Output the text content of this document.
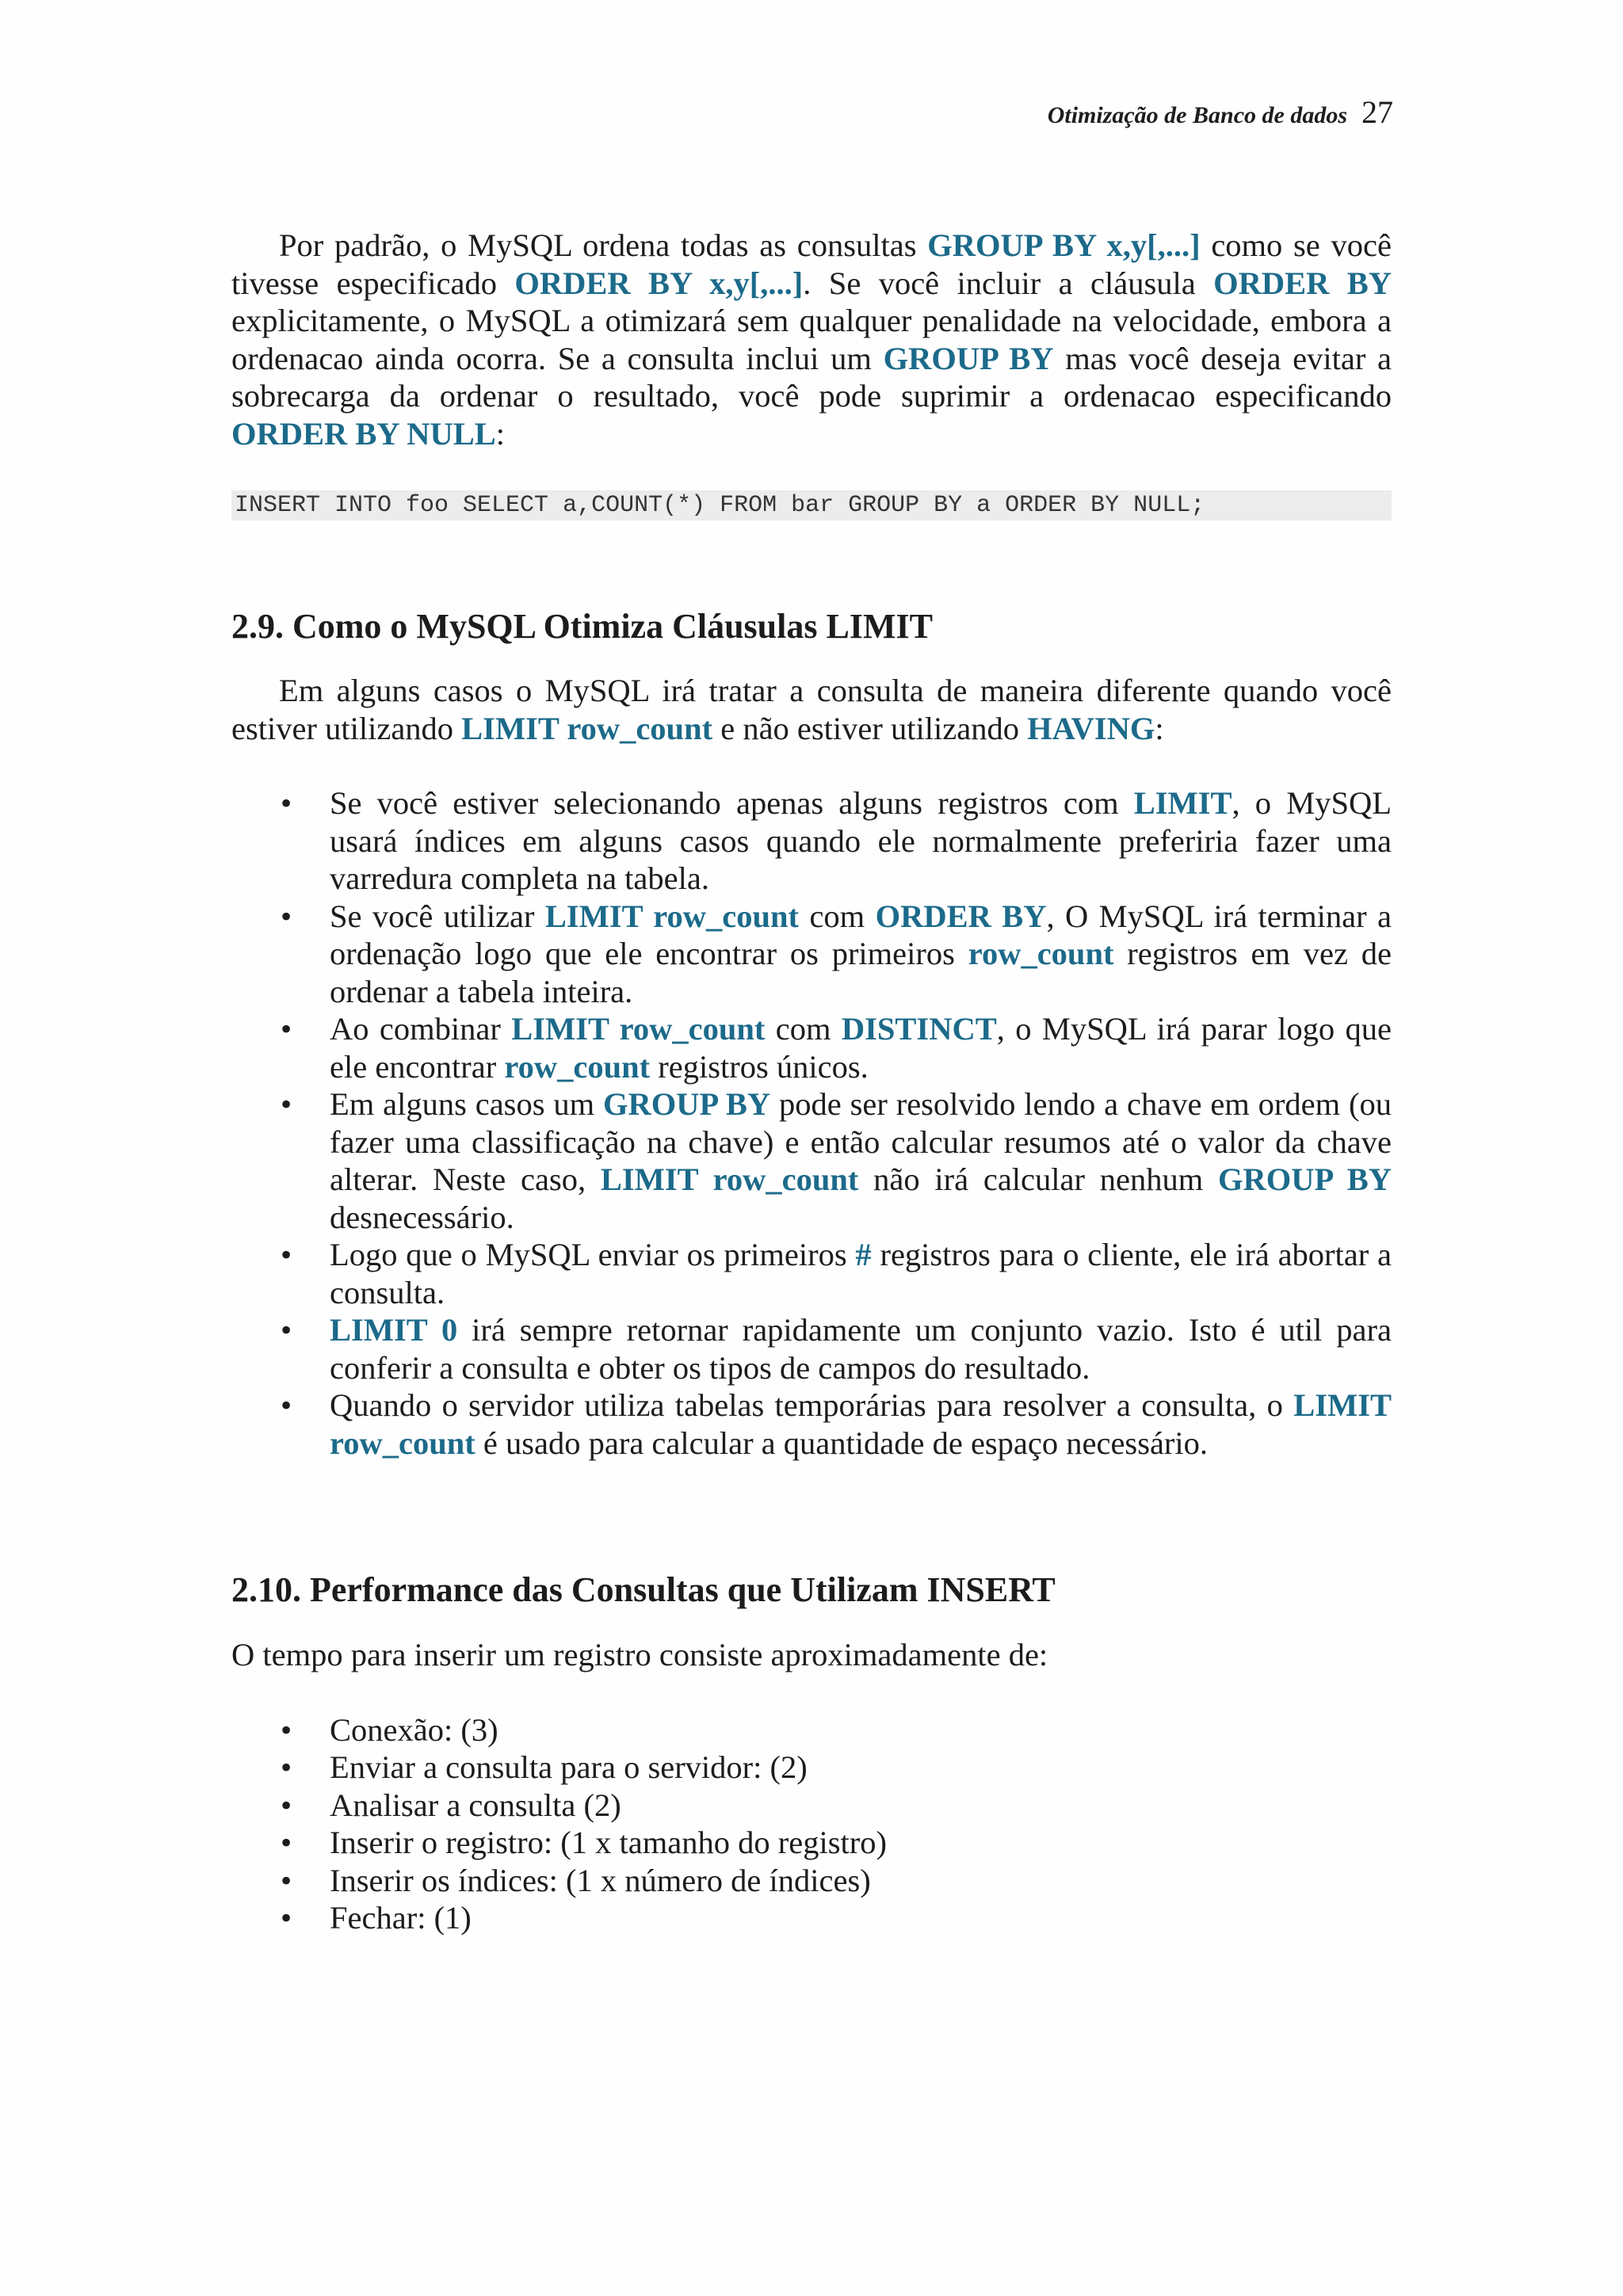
Otimização de Banco de dados 27

Por padrão, o MySQL ordena todas as consultas GROUP BY x,y[,...] como se você tivesse especificado ORDER BY x,y[,...]. Se você incluir a cláusula ORDER BY explicitamente, o MySQL a otimizará sem qualquer penalidade na velocidade, embora a ordenacao ainda ocorra. Se a consulta inclui um GROUP BY mas você deseja evitar a sobrecarga da ordenar o resultado, você pode suprimir a ordenacao especificando ORDER BY NULL:

INSERT INTO foo SELECT a,COUNT(*) FROM bar GROUP BY a ORDER BY NULL;
2.9. Como o MySQL Otimiza Cláusulas LIMIT

Em alguns casos o MySQL irá tratar a consulta de maneira diferente quando você estiver utilizando LIMIT row_count e não estiver utilizando HAVING:

• Se você estiver selecionando apenas alguns registros com LIMIT, o MySQL usará índices em alguns casos quando ele normalmente preferiria fazer uma varredura completa na tabela.
• Se você utilizar LIMIT row_count com ORDER BY, O MySQL irá terminar a ordenação logo que ele encontrar os primeiros row_count registros em vez de ordenar a tabela inteira.
• Ao combinar LIMIT row_count com DISTINCT, o MySQL irá parar logo que ele encontrar row_count registros únicos.
• Em alguns casos um GROUP BY pode ser resolvido lendo a chave em ordem (ou fazer uma classificação na chave) e então calcular resumos até o valor da chave alterar. Neste caso, LIMIT row_count não irá calcular nenhum GROUP BY desnecessário.
• Logo que o MySQL enviar os primeiros # registros para o cliente, ele irá abortar a consulta.
• LIMIT 0 irá sempre retornar rapidamente um conjunto vazio. Isto é util para conferir a consulta e obter os tipos de campos do resultado.
• Quando o servidor utiliza tabelas temporárias para resolver a consulta, o LIMIT row_count é usado para calcular a quantidade de espaço necessário.
2.10. Performance das Consultas que Utilizam INSERT

O tempo para inserir um registro consiste aproximadamente de:

• Conexão: (3)
• Enviar a consulta para o servidor: (2)
• Analisar a consulta (2)
• Inserir o registro: (1 x tamanho do registro)
• Inserir os índices: (1 x número de índices)
• Fechar: (1)
